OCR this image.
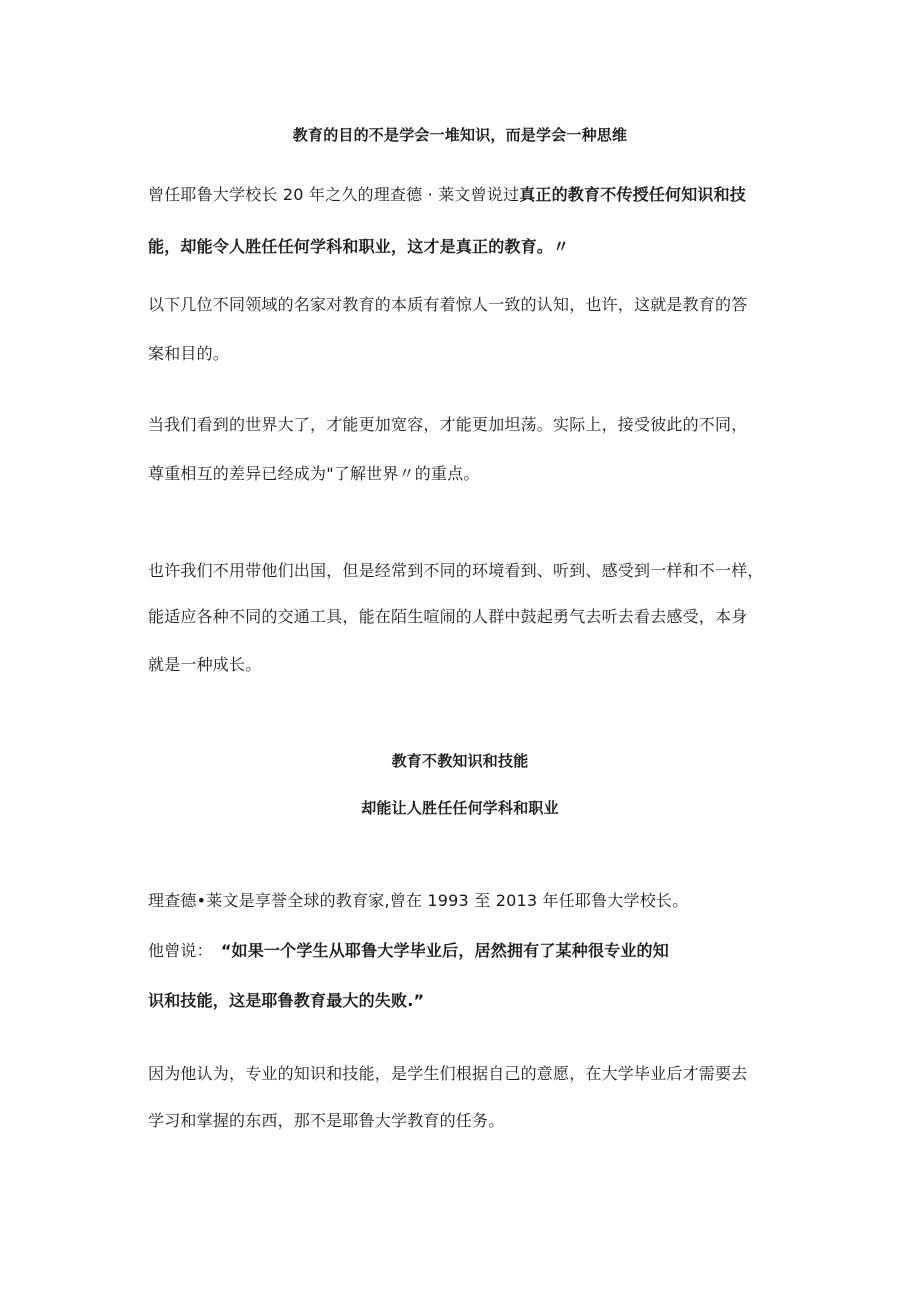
教育的目的不是学会一堆知识，而是学会一种思维
曾任耶鲁大学校长 20 年之久的理查德 · 莱文曾说过真正的教育不传授任何知识和技
能，却能令人胜任任何学科和职业，这才是真正的教育。〃
以下几位不同领域的名家对教育的本质有着惊人一致的认知，也许，这就是教育的答
案和目的。
当我们看到的世界大了，才能更加宽容，才能更加坦荡。实际上，接受彼此的不同，
尊重相互的差异已经成为"了解世界〃的重点。
也许我们不用带他们出国，但是经常到不同的环境看到、听到、感受到一样和不一样，
能适应各种不同的交通工具，能在陌生喧闹的人群中鼓起勇气去听去看去感受，本身
就是一种成长。
教育不教知识和技能
却能让人胜任任何学科和职业
理查德•莱文是享誉全球的教育家,曾在 1993 至 2013 年任耶鲁大学校长。
他曾说： “如果一个学生从耶鲁大学毕业后，居然拥有了某种很专业的知
识和技能，这是耶鲁教育最大的失败.”
因为他认为，专业的知识和技能，是学生们根据自己的意愿，在大学毕业后才需要去
学习和掌握的东西，那不是耶鲁大学教育的任务。
